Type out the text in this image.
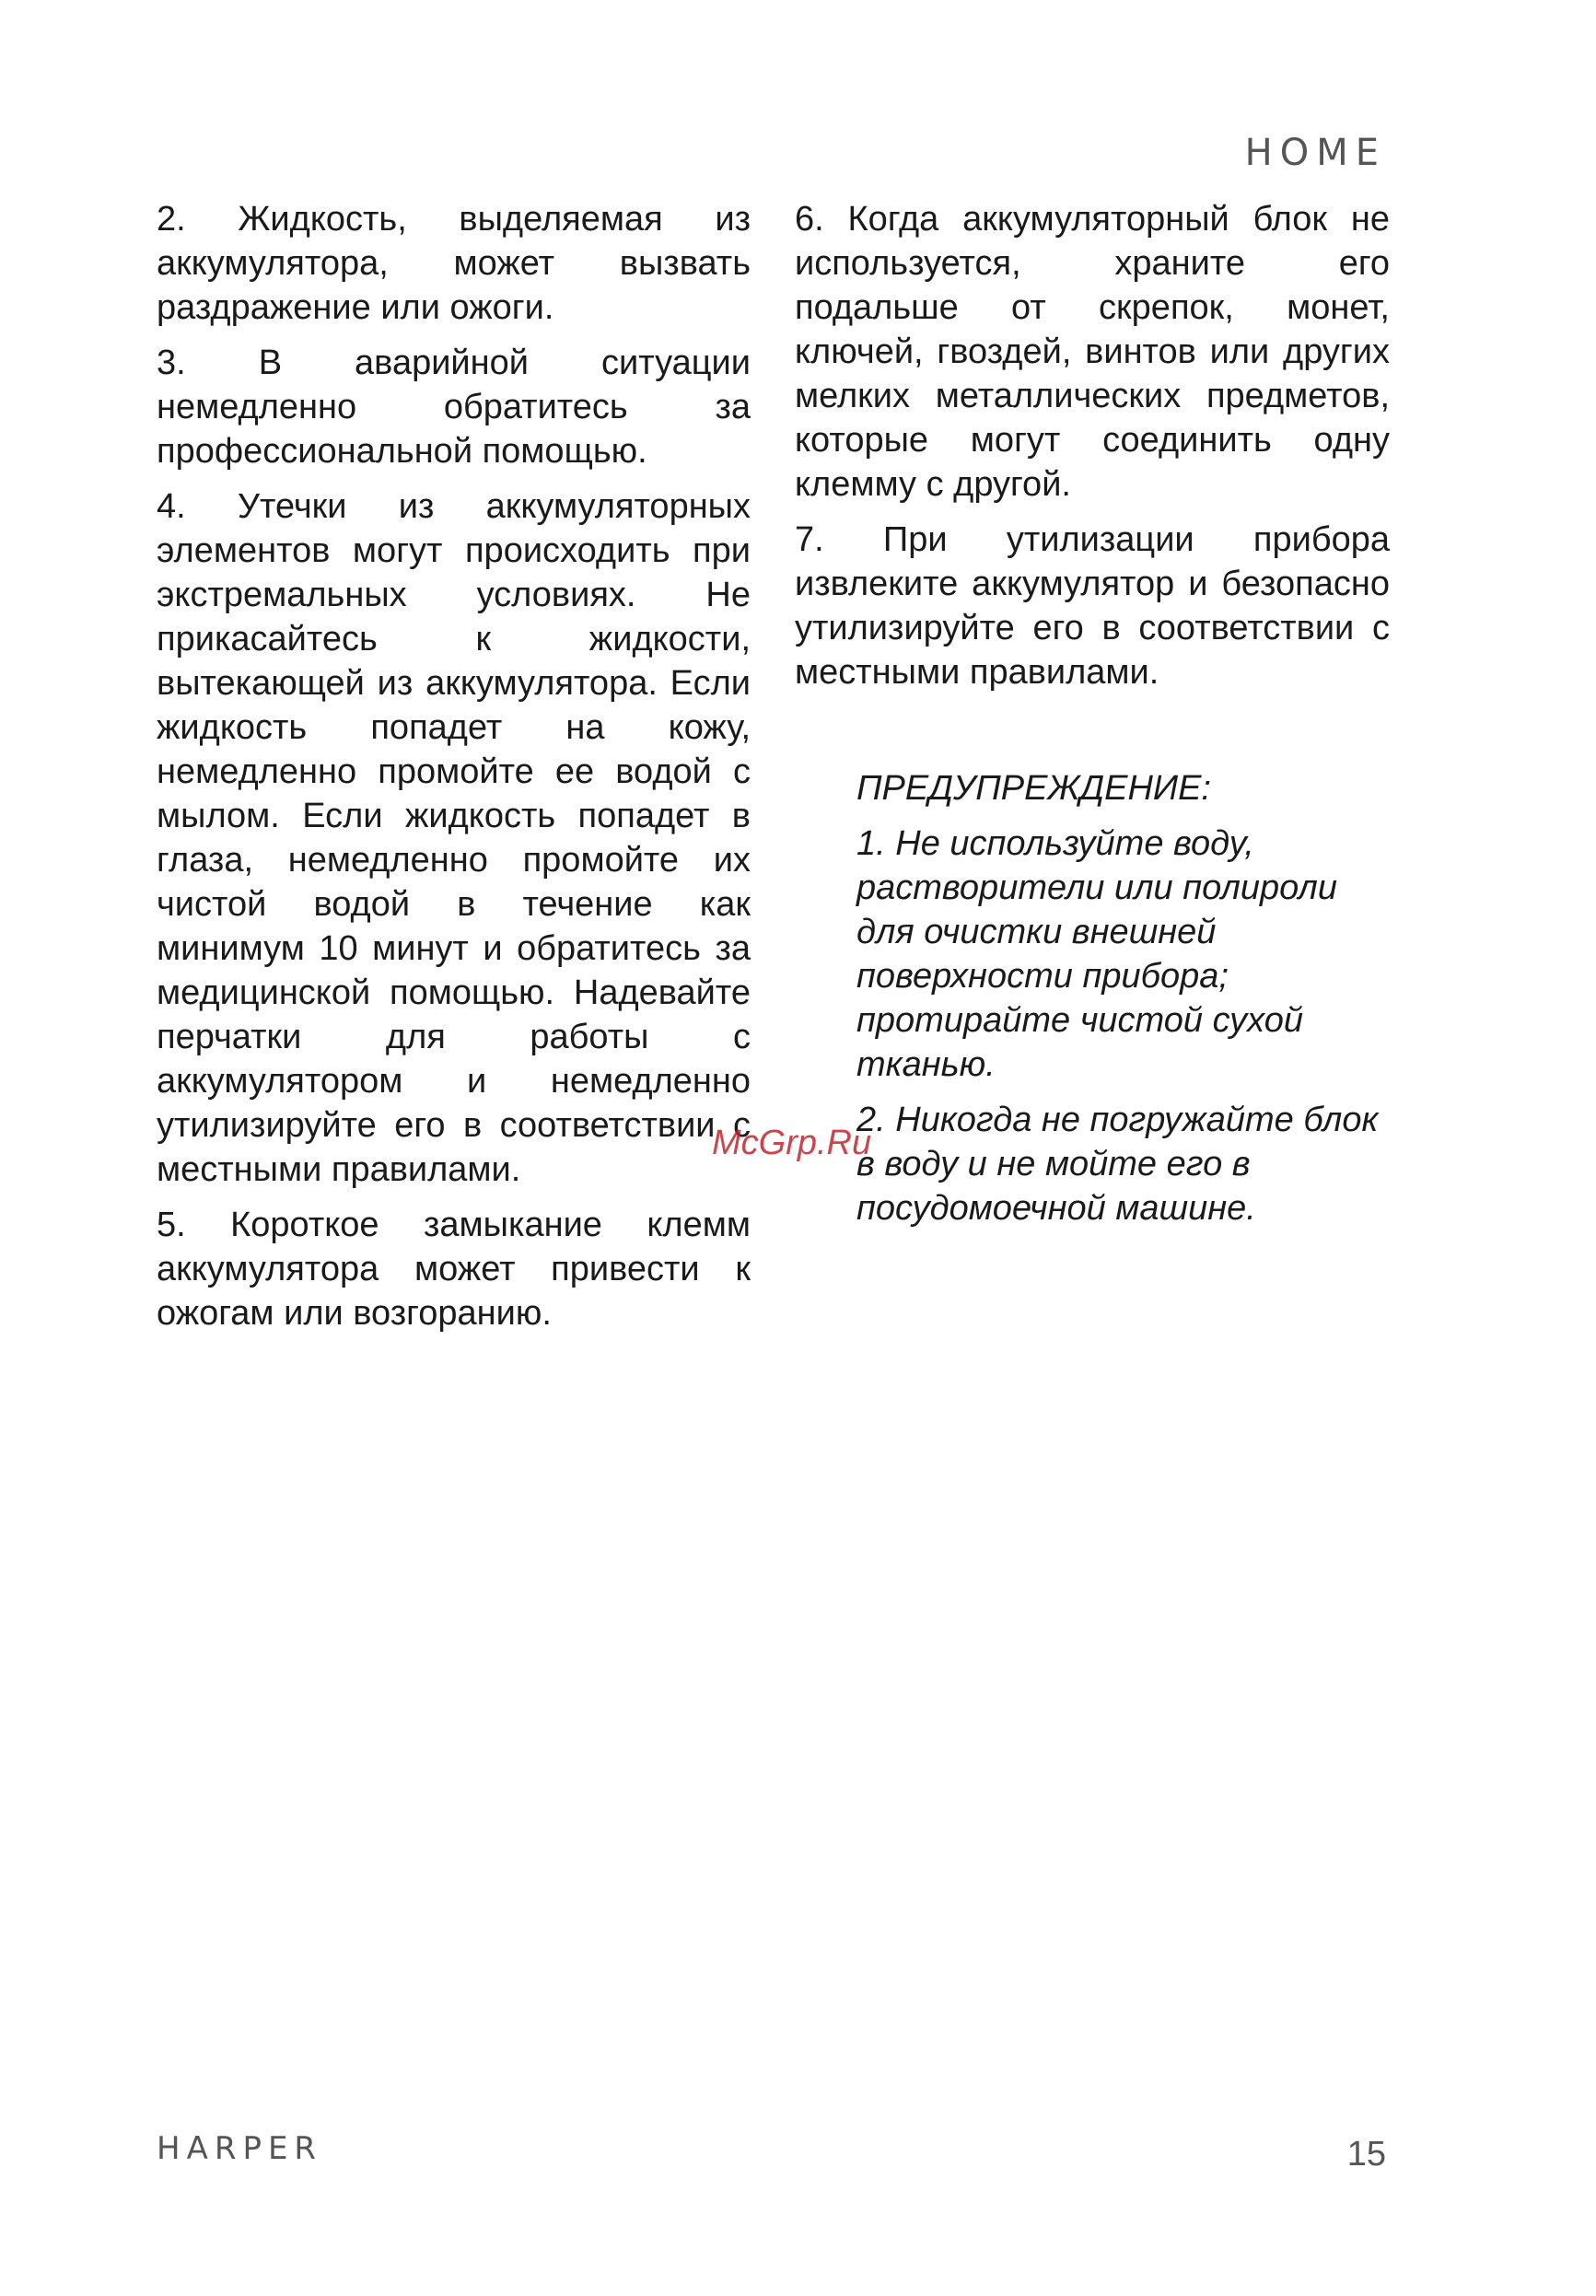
HOME

2. Жидкость, выделяемая из аккумулятора, может вызвать раздражение или ожоги.

3. В аварийной ситуации немедленно обратитесь за профессиональной помощью.

4. Утечки из аккумуляторных элементов могут происходить при экстремальных условиях. Не прикасайтесь к жидкости, вытекающей из аккумулятора. Если жидкость попадет на кожу, немедленно промойте ее водой с мылом. Если жидкость попадет в глаза, немедленно промойте их чистой водой в течение как минимум 10 минут и обратитесь за медицинской помощью. Надевайте перчатки для работы с аккумулятором и немедленно утилизируйте его в соответствии с местными правилами.

5. Короткое замыкание клемм аккумулятора может привести к ожогам или возгоранию.

6. Когда аккумуляторный блок не используется, храните его подальше от скрепок, монет, ключей, гвоздей, винтов или других мелких металлических предметов, которые могут соединить одну клемму с другой.

7. При утилизации прибора извлеките аккумулятор и безопасно утилизируйте его в соответствии с местными правилами.

ПРЕДУПРЕЖДЕНИЕ:

1. Не используйте воду, растворители или полироли для очистки внешней поверхности прибора; протирайте чистой сухой тканью.

2. Никогда не погружайте блок в воду и не мойте его в посудомоечной машине.

McGrp.Ru
HARPER	15
